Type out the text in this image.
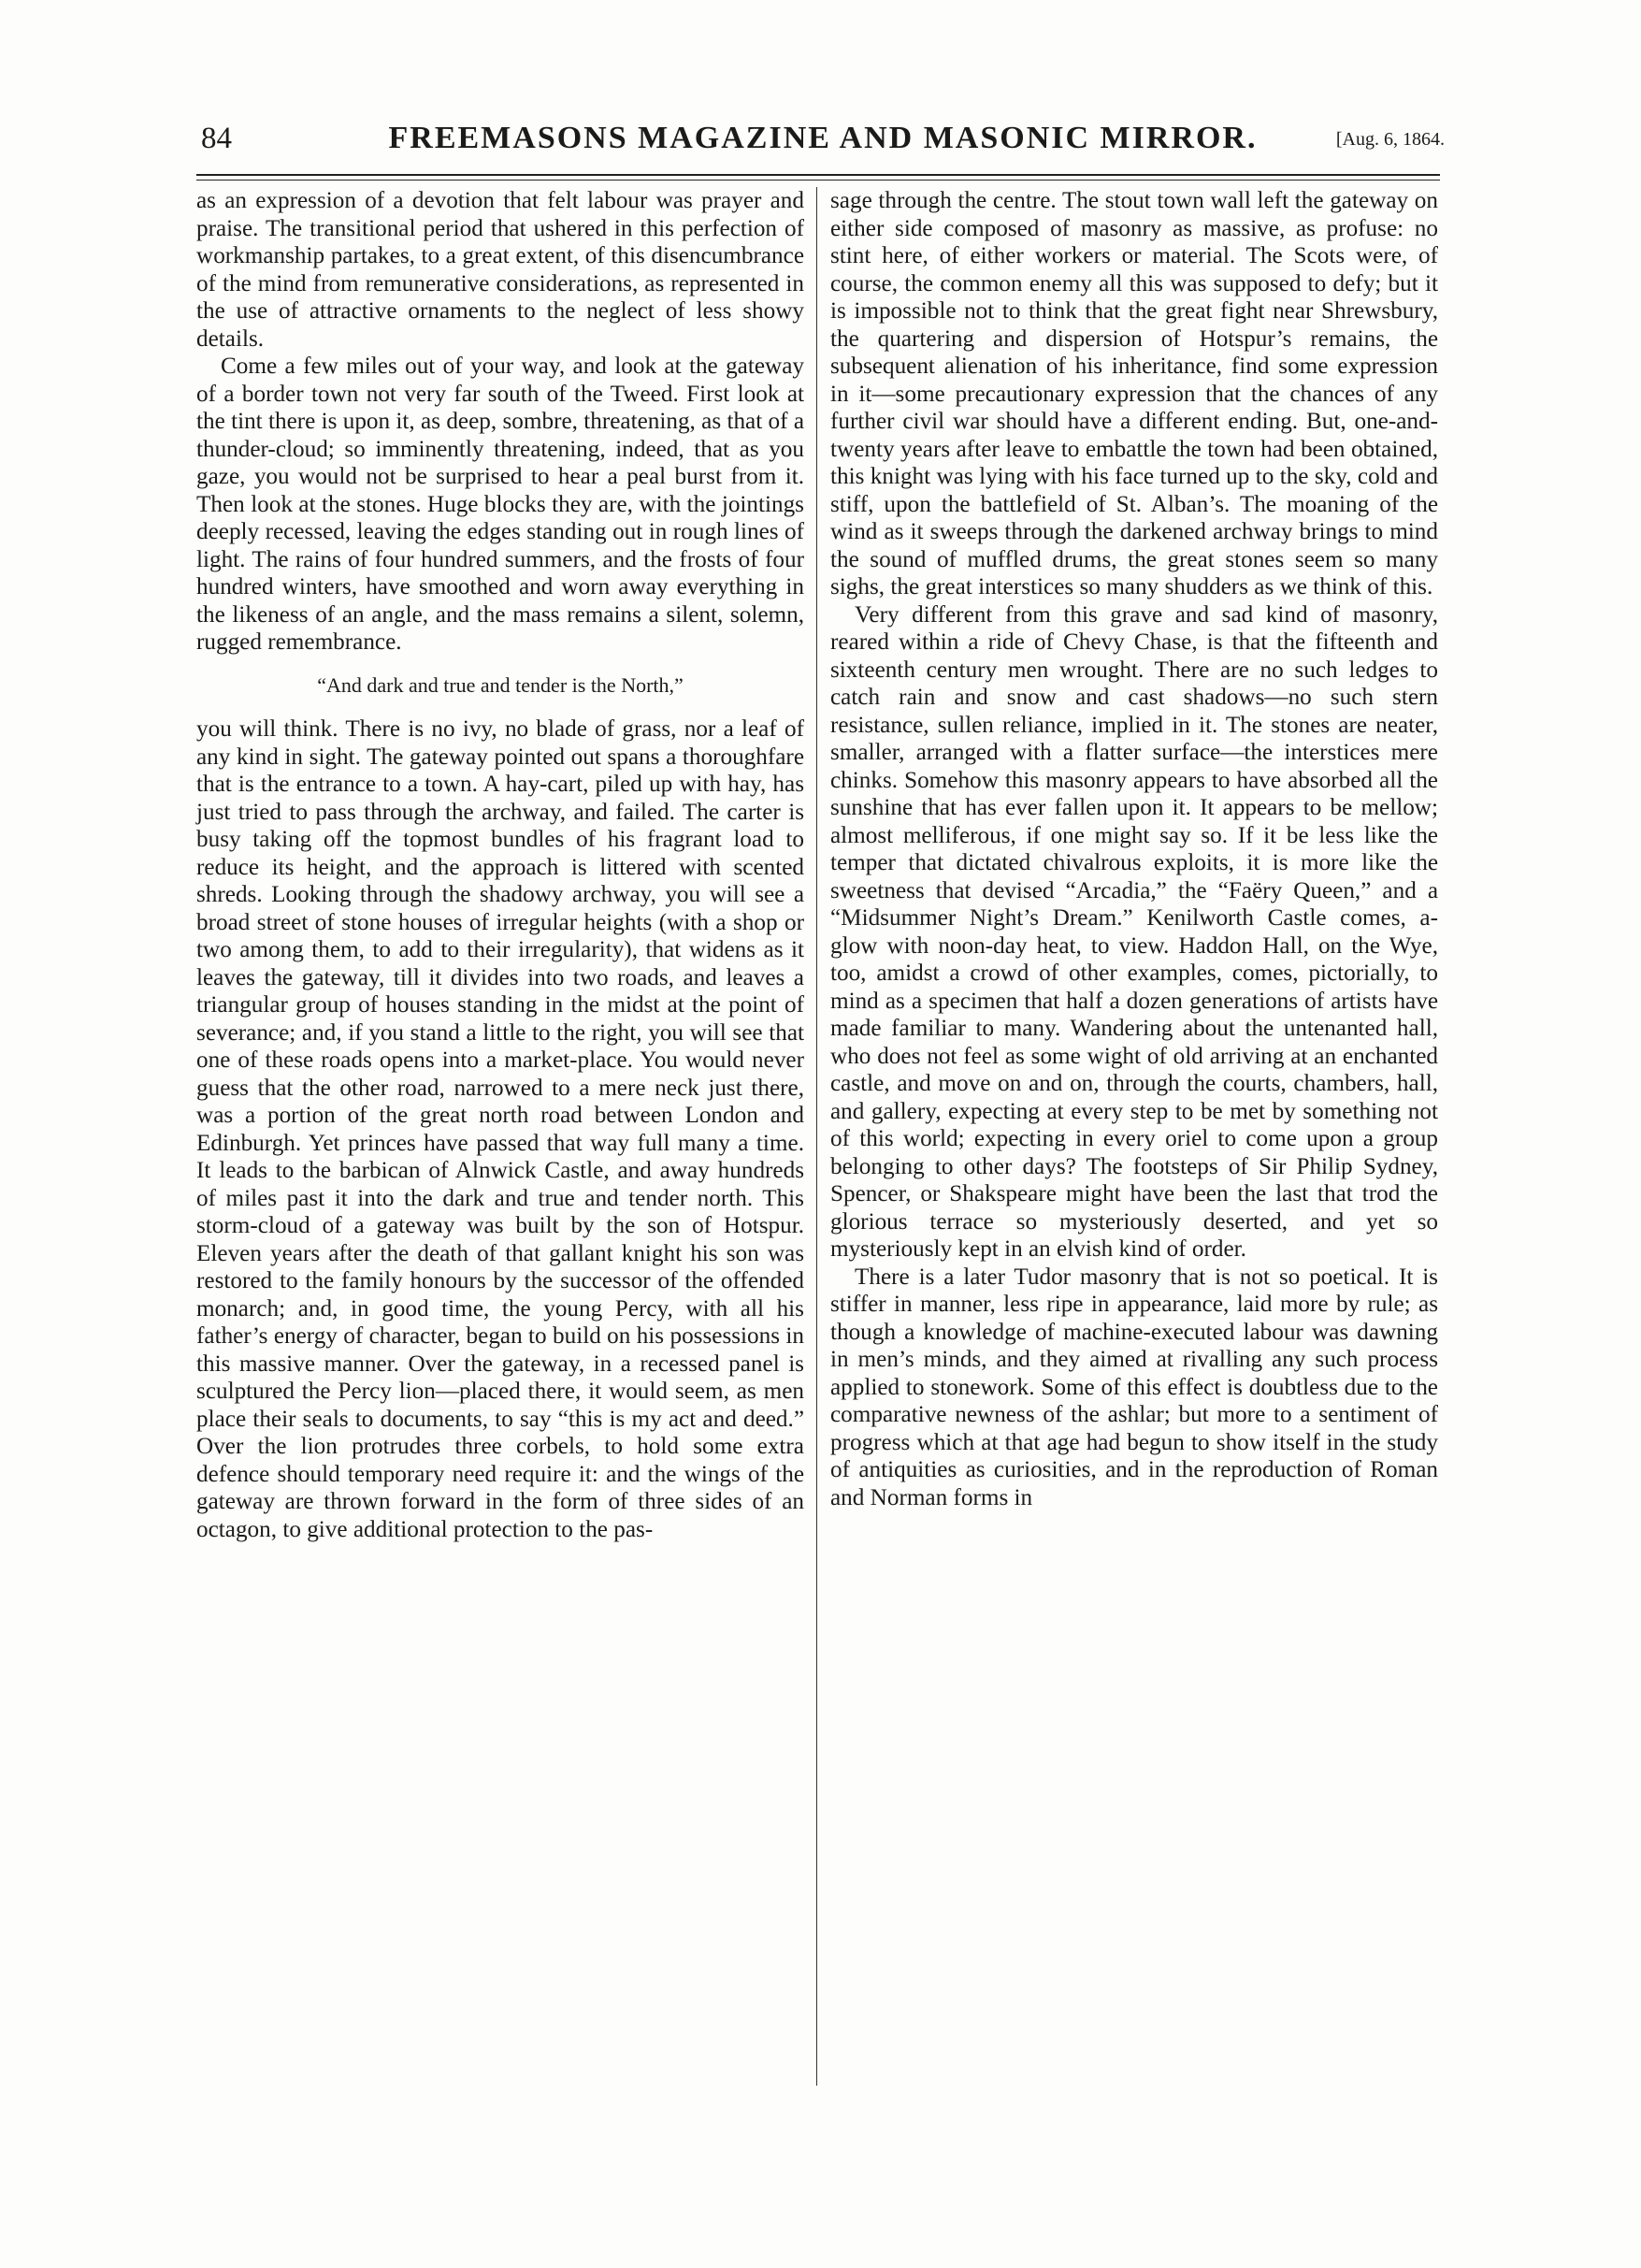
84	FREEMASONS MAGAZINE AND MASONIC MIRROR.	[Aug. 6, 1864.

as an expression of a devotion that felt labour was prayer and praise. The transitional period that ushered in this perfection of workmanship partakes, to a great extent, of this disencumbrance of the mind from remunerative considerations, as represented in the use of attractive ornaments to the neglect of less showy details.

Come a few miles out of your way, and look at the gateway of a border town not very far south of the Tweed. First look at the tint there is upon it, as deep, sombre, threatening, as that of a thunder-cloud; so imminently threatening, indeed, that as you gaze, you would not be surprised to hear a peal burst from it. Then look at the stones. Huge blocks they are, with the jointings deeply recessed, leaving the edges standing out in rough lines of light. The rains of four hundred summers, and the frosts of four hundred winters, have smoothed and worn away everything in the likeness of an angle, and the mass remains a silent, solemn, rugged remembrance.

“And dark and true and tender is the North,”

you will think. There is no ivy, no blade of grass, nor a leaf of any kind in sight. The gateway pointed out spans a thoroughfare that is the entrance to a town. A hay-cart, piled up with hay, has just tried to pass through the archway, and failed. The carter is busy taking off the topmost bundles of his fragrant load to reduce its height, and the approach is littered with scented shreds. Looking through the shadowy archway, you will see a broad street of stone houses of irregular heights (with a shop or two among them, to add to their irregularity), that widens as it leaves the gateway, till it divides into two roads, and leaves a triangular group of houses standing in the midst at the point of severance; and, if you stand a little to the right, you will see that one of these roads opens into a market-place. You would never guess that the other road, narrowed to a mere neck just there, was a portion of the great north road between London and Edinburgh. Yet princes have passed that way full many a time. It leads to the barbican of Alnwick Castle, and away hundreds of miles past it into the dark and true and tender north. This storm-cloud of a gateway was built by the son of Hotspur. Eleven years after the death of that gallant knight his son was restored to the family honours by the successor of the offended monarch; and, in good time, the young Percy, with all his father’s energy of character, began to build on his possessions in this massive manner. Over the gateway, in a recessed panel is sculptured the Percy lion—placed there, it would seem, as men place their seals to documents, to say “this is my act and deed.” Over the lion protrudes three corbels, to hold some extra defence should temporary need require it: and the wings of the gateway are thrown forward in the form of three sides of an octagon, to give additional protection to the pas-

sage through the centre. The stout town wall left the gateway on either side composed of masonry as massive, as profuse: no stint here, of either workers or material. The Scots were, of course, the common enemy all this was supposed to defy; but it is impossible not to think that the great fight near Shrewsbury, the quartering and dispersion of Hotspur’s remains, the subsequent alienation of his inheritance, find some expression in it—some precautionary expression that the chances of any further civil war should have a different ending. But, one-and-twenty years after leave to embattle the town had been obtained, this knight was lying with his face turned up to the sky, cold and stiff, upon the battlefield of St. Alban’s. The moaning of the wind as it sweeps through the darkened archway brings to mind the sound of muffled drums, the great stones seem so many sighs, the great interstices so many shudders as we think of this.

Very different from this grave and sad kind of masonry, reared within a ride of Chevy Chase, is that the fifteenth and sixteenth century men wrought. There are no such ledges to catch rain and snow and cast shadows—no such stern resistance, sullen reliance, implied in it. The stones are neater, smaller, arranged with a flatter surface—the interstices mere chinks. Somehow this masonry appears to have absorbed all the sunshine that has ever fallen upon it. It appears to be mellow; almost melliferous, if one might say so. If it be less like the temper that dictated chivalrous exploits, it is more like the sweetness that devised “Arcadia,” the “Faëry Queen,” and a “Midsummer Night’s Dream.” Kenilworth Castle comes, a-glow with noon-day heat, to view. Haddon Hall, on the Wye, too, amidst a crowd of other examples, comes, pictorially, to mind as a specimen that half a dozen generations of artists have made familiar to many. Wandering about the untenanted hall, who does not feel as some wight of old arriving at an enchanted castle, and move on and on, through the courts, chambers, hall, and gallery, expecting at every step to be met by something not of this world; expecting in every oriel to come upon a group belonging to other days? The footsteps of Sir Philip Sydney, Spencer, or Shakspeare might have been the last that trod the glorious terrace so mysteriously deserted, and yet so mysteriously kept in an elvish kind of order.

There is a later Tudor masonry that is not so poetical. It is stiffer in manner, less ripe in appearance, laid more by rule; as though a knowledge of machine-executed labour was dawning in men’s minds, and they aimed at rivalling any such process applied to stonework. Some of this effect is doubtless due to the comparative newness of the ashlar; but more to a sentiment of progress which at that age had begun to show itself in the study of antiquities as curiosities, and in the reproduction of Roman and Norman forms in
